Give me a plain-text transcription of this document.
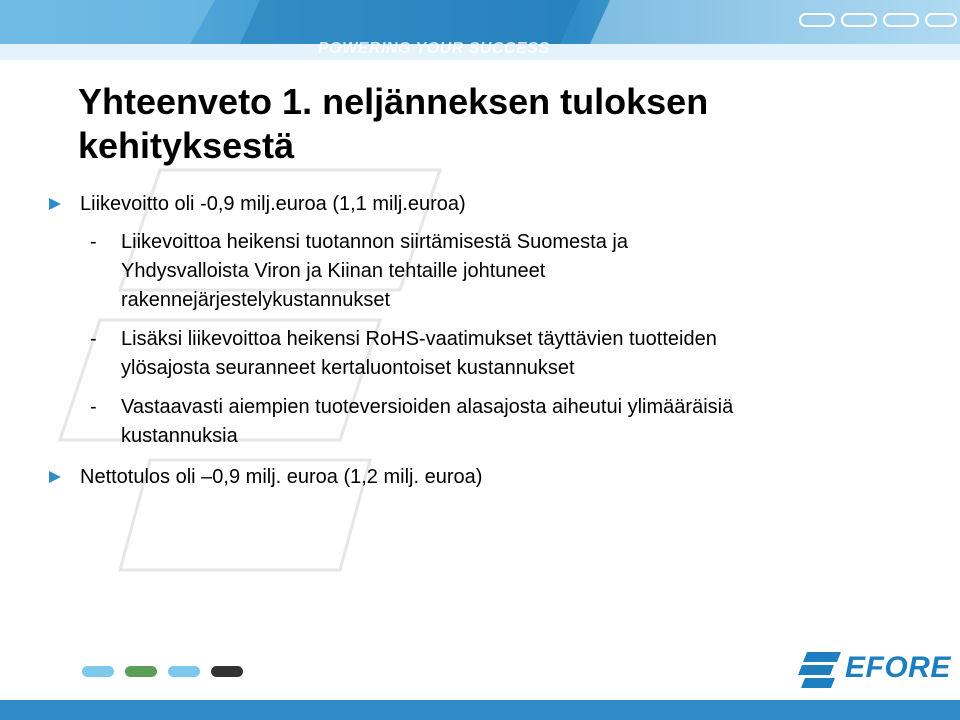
POWERING YOUR SUCCESS
Yhteenveto 1. neljänneksen tuloksen
kehityksestä
Liikevoitto oli -0,9 milj.euroa (1,1 milj.euroa)
- Liikevoittoa heikensi tuotannon siirtämisestä Suomesta ja
Yhdysvalloista Viron ja Kiinan tehtaille johtuneet
rakennejärjestelykustannukset
- Lisäksi liikevoittoa heikensi RoHS-vaatimukset täyttävien tuotteiden
ylösajosta seuranneet kertaluontoiset kustannukset
- Vastaavasti aiempien tuoteversioiden alasajosta aiheutui ylimääräisiä
kustannuksia
Nettotulos oli –0,9 milj. euroa (1,2 milj. euroa)
EFORE
